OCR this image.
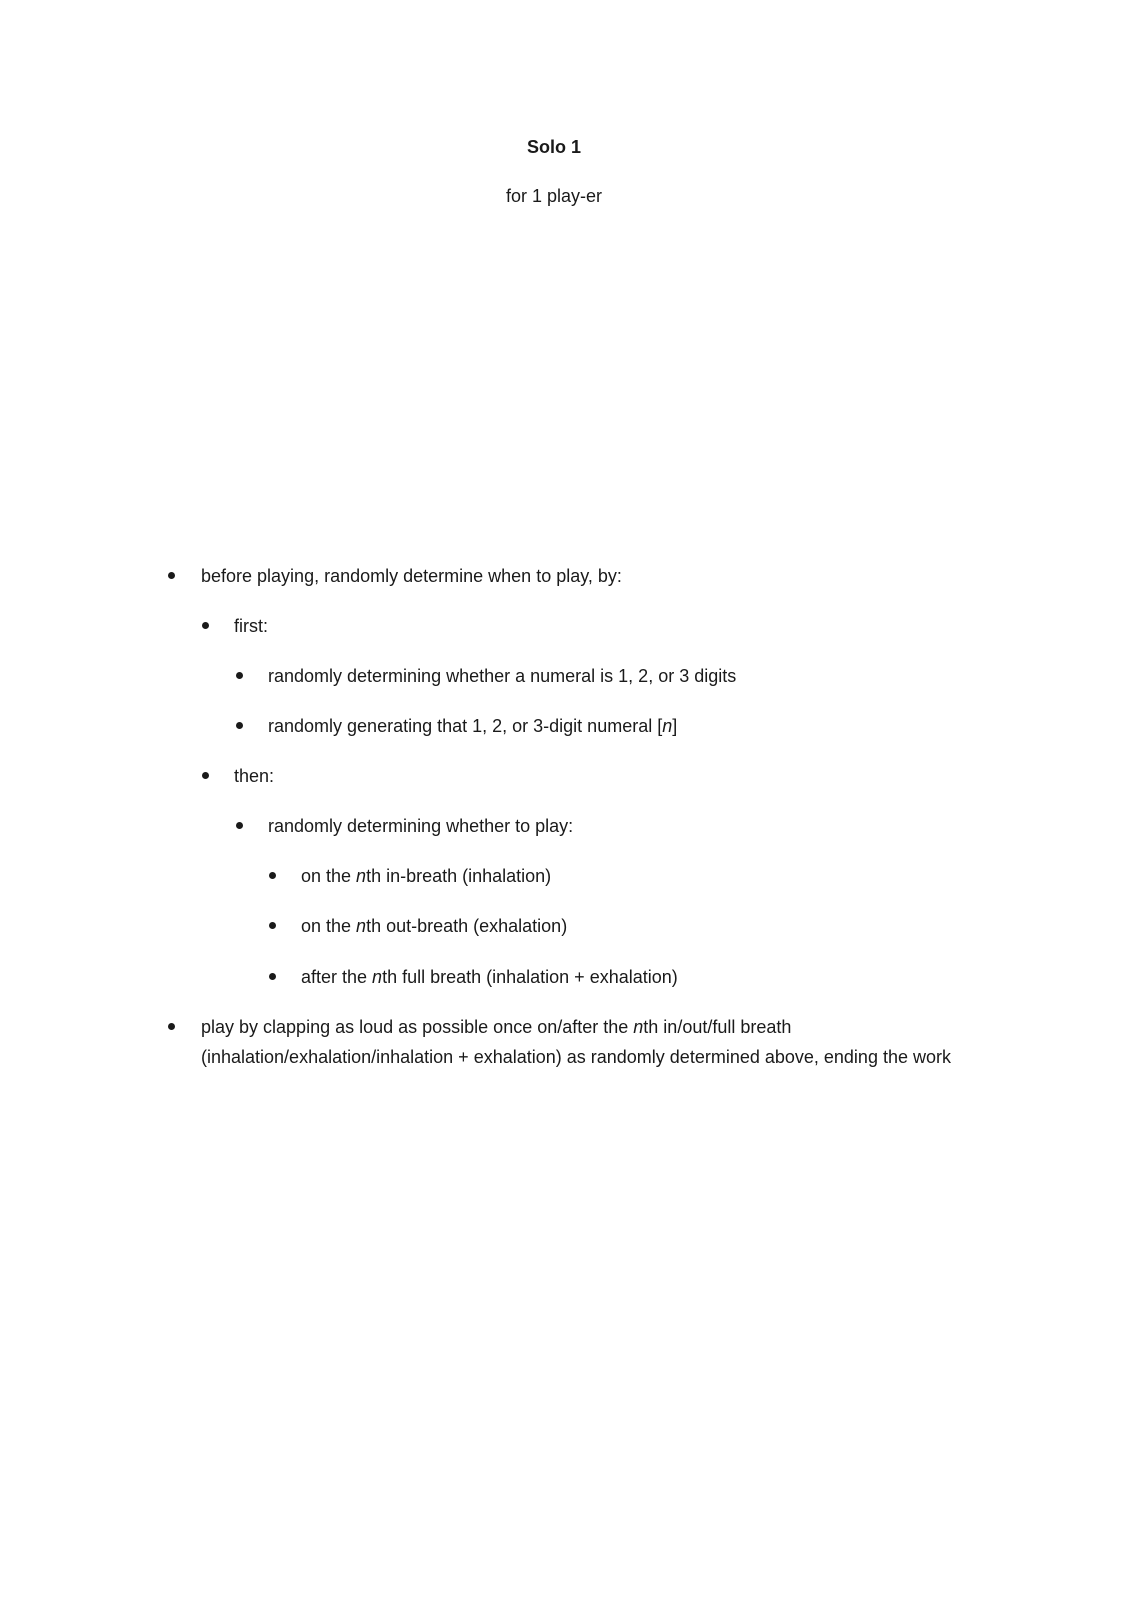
Solo 1
for 1 play-er
before playing, randomly determine when to play, by:
first:
randomly determining whether a numeral is 1, 2, or 3 digits
randomly generating that 1, 2, or 3-digit numeral [n]
then:
randomly determining whether to play:
on the nth in-breath (inhalation)
on the nth out-breath (exhalation)
after the nth full breath (inhalation + exhalation)
play by clapping as loud as possible once on/after the nth in/out/full breath (inhalation/exhalation/inhalation + exhalation) as randomly determined above, ending the work
